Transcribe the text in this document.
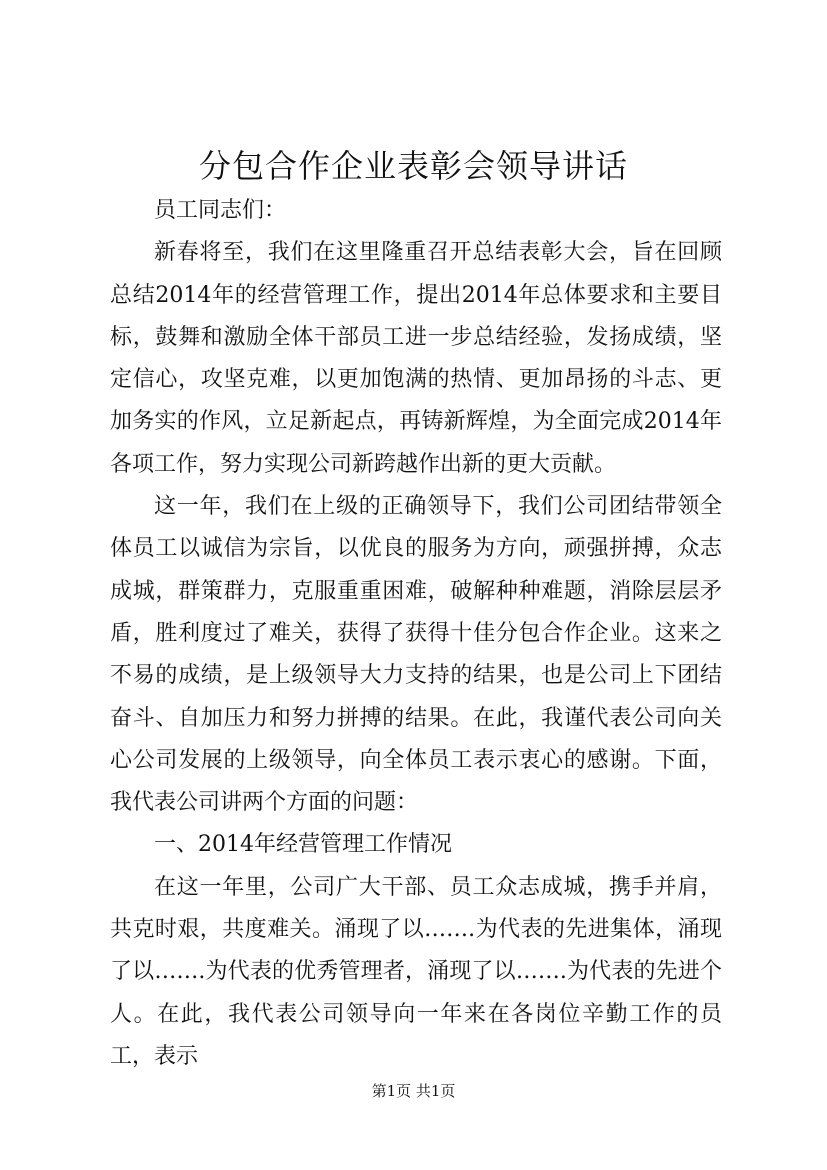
分包合作企业表彰会领导讲话

员工同志们：

新春将至，我们在这里隆重召开总结表彰大会，旨在回顾总结2014年的经营管理工作，提出2014年总体要求和主要目标，鼓舞和激励全体干部员工进一步总结经验，发扬成绩，坚定信心，攻坚克难，以更加饱满的热情、更加昂扬的斗志、更加务实的作风，立足新起点，再铸新辉煌，为全面完成2014年各项工作，努力实现公司新跨越作出新的更大贡献。

这一年，我们在上级的正确领导下，我们公司团结带领全体员工以诚信为宗旨，以优良的服务为方向，顽强拼搏，众志成城，群策群力，克服重重困难，破解种种难题，消除层层矛盾，胜利度过了难关，获得了获得十佳分包合作企业。这来之不易的成绩，是上级领导大力支持的结果，也是公司上下团结奋斗、自加压力和努力拼搏的结果。在此，我谨代表公司向关心公司发展的上级领导，向全体员工表示衷心的感谢。下面，我代表公司讲两个方面的问题：

一、2014年经营管理工作情况

在这一年里，公司广大干部、员工众志成城，携手并肩，共克时艰，共度难关。涌现了以…….为代表的先进集体，涌现了以…….为代表的优秀管理者，涌现了以…….为代表的先进个人。在此，我代表公司领导向一年来在各岗位辛勤工作的员工，表示

第1页 共1页
